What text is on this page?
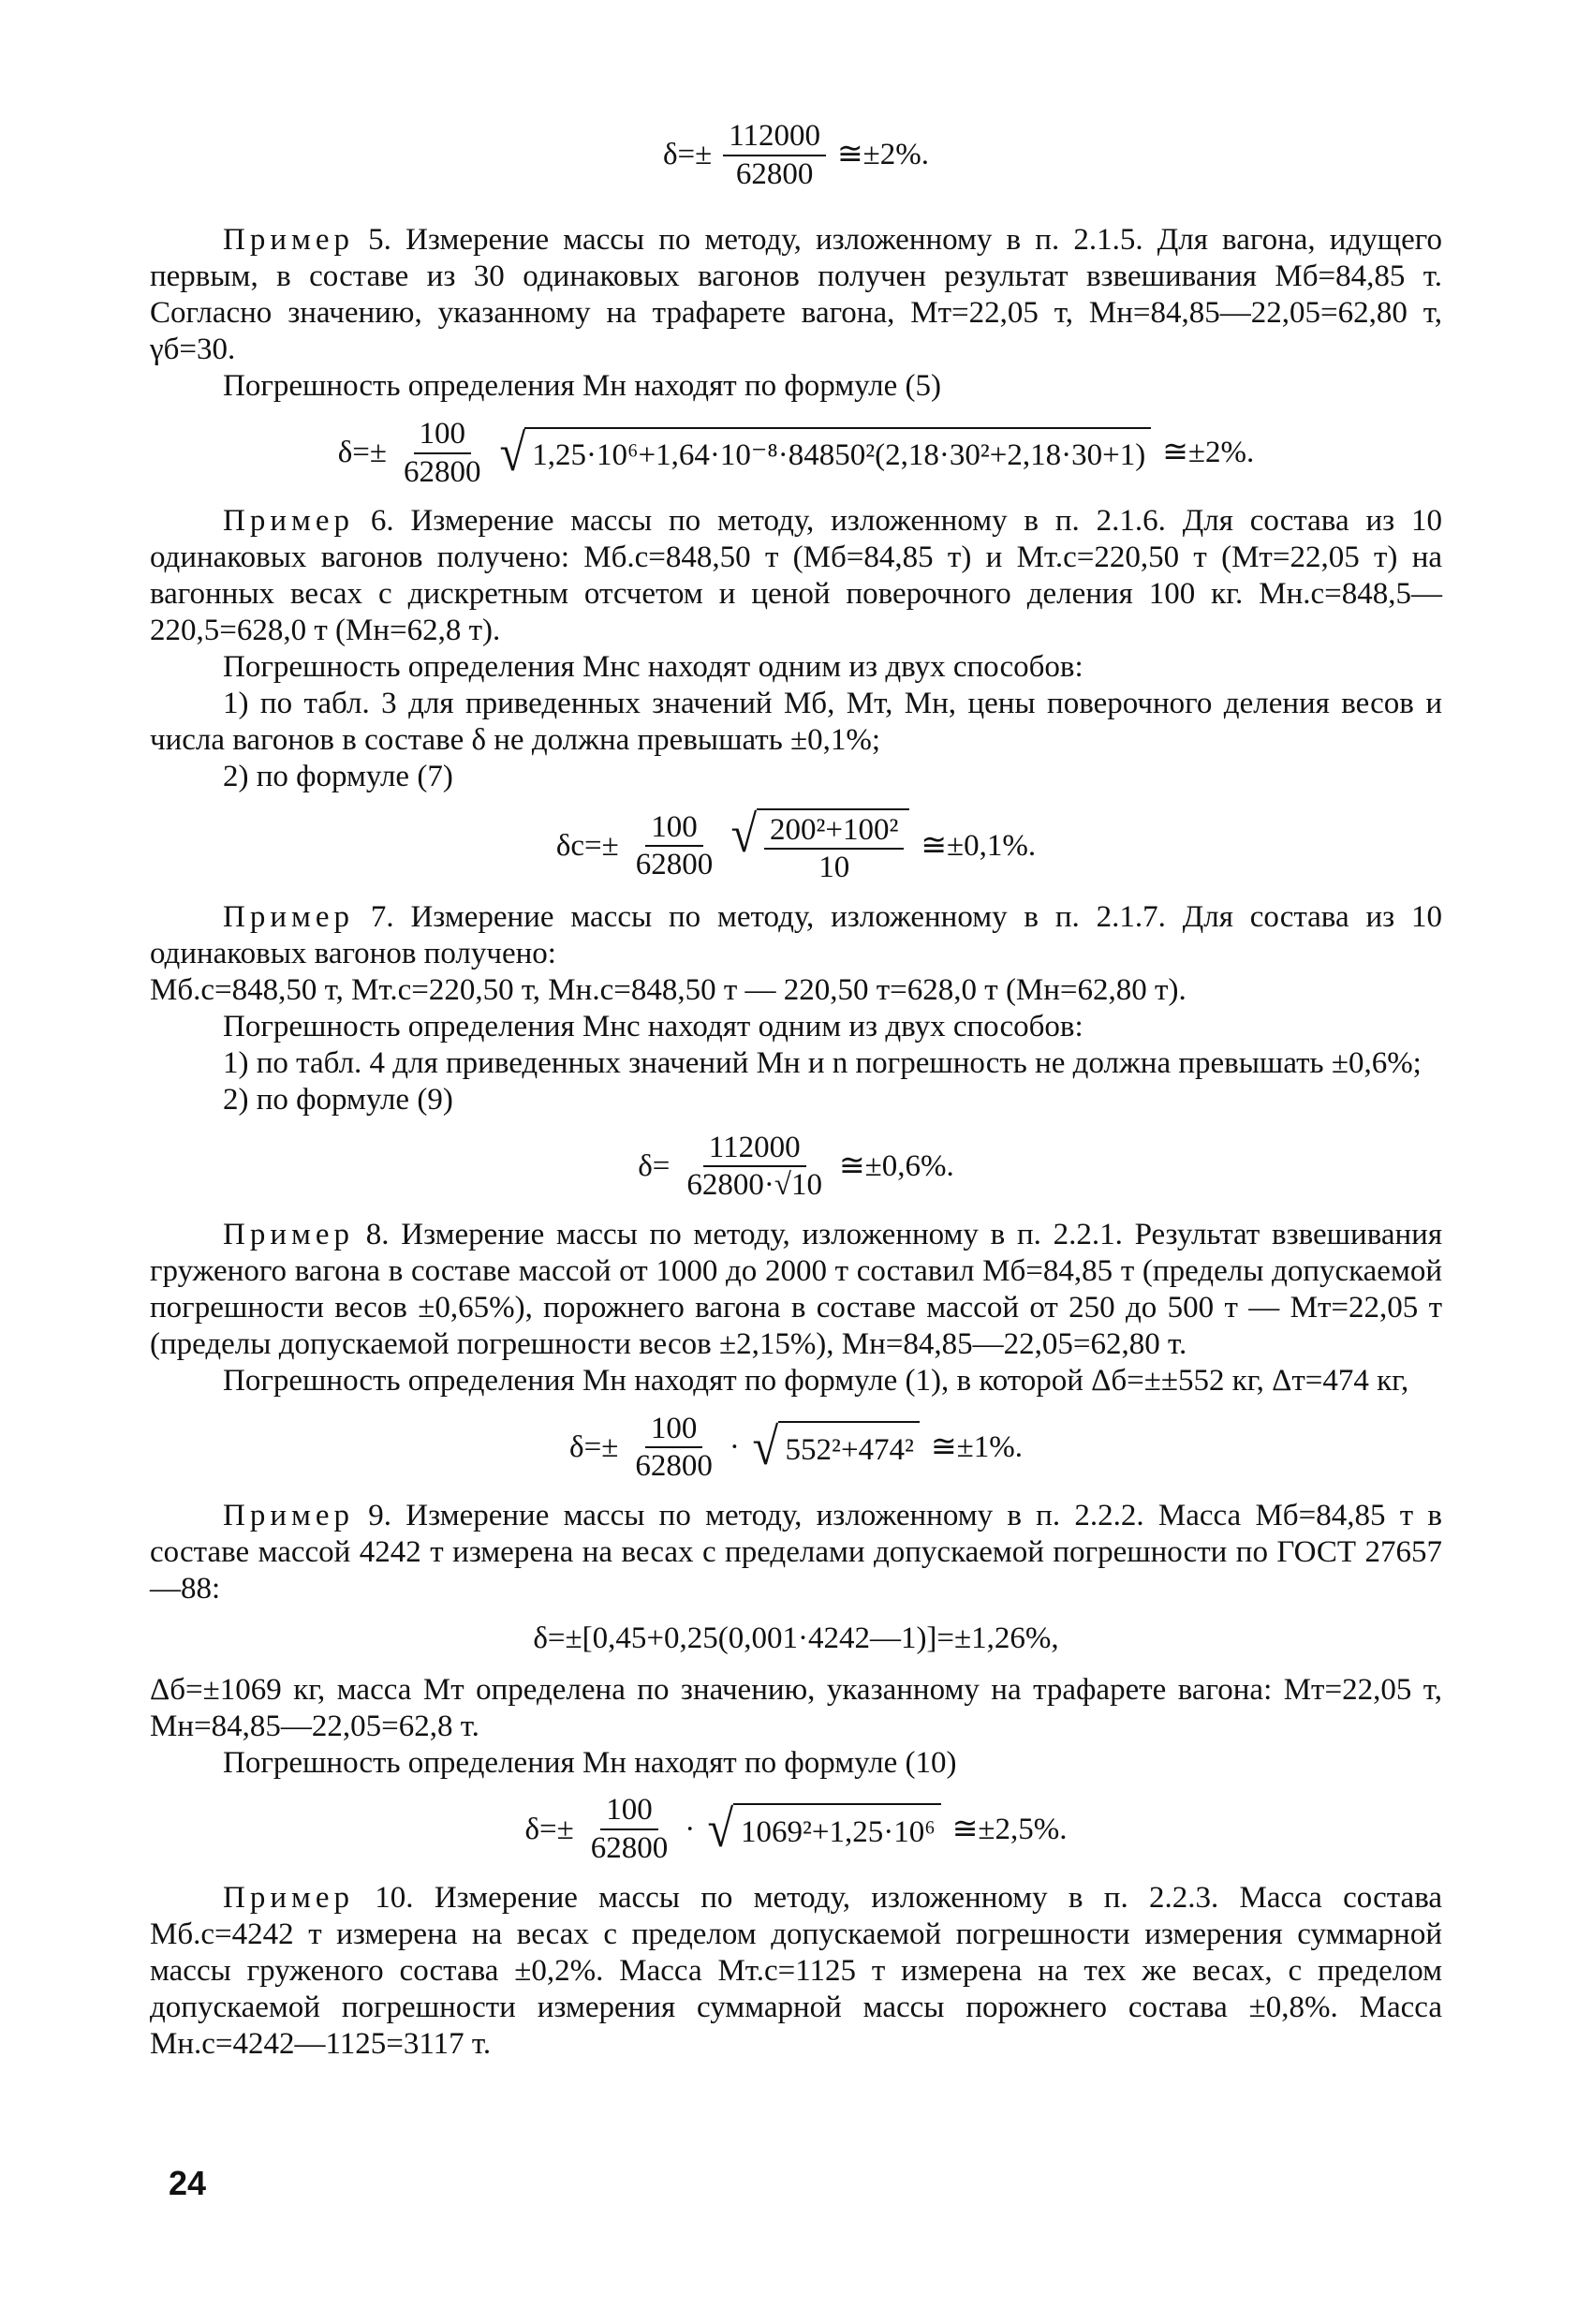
$\delta=\pm \frac{112000}{62800}$ ≅±2%.

Пример 5. Измерение массы по методу, изложенному в п. 2.1.5. Для вагона, идущего первым, в составе из 30 одинаковых вагонов получен результат взвешивания Mб=84,85 т. Согласно значению, указанному на трафарете вагона, Mт=22,05 т, Mн=84,85—22,05=62,80 т, γб=30.

Погрешность определения Mн находят по формуле (5)

$\delta=\pm \frac{100}{62800}$ √ 1,25·10⁶+1,64·10⁻⁸·84850²(2,18·30²+2,18·30+1) ≅±2%.

Пример 6. Измерение массы по методу, изложенному в п. 2.1.6. Для состава из 10 одинаковых вагонов получено: Mб.с=848,50 т (Mб=84,85 т) и Mт.с=220,50 т (Mт=22,05 т) на вагонных весах с дискретным отсчетом и ценой поверочного деления 100 кг. Mн.с=848,5—220,5=628,0 т (Mн=62,8 т).

Погрешность определения Mнс находят одним из двух способов:

1) по табл. 3 для приведенных значений Mб, Mт, Mн, цены поверочного деления весов и числа вагонов в составе δ не должна превышать ±0,1%;

2) по формуле (7)

$\delta с=\pm \frac{100}{62800}$ √ $\frac{\text{200²+100²}}{10}$ ≅±0,1%.

Пример 7. Измерение массы по методу, изложенному в п. 2.1.7. Для состава из 10 одинаковых вагонов получено:

Mб.с=848,50 т, Mт.с=220,50 т, Mн.с=848,50 т — 220,50 т=628,0 т (Mн=62,80 т).

Погрешность определения Mнс находят одним из двух способов:

1) по табл. 4 для приведенных значений Mн и n погрешность не должна превышать ±0,6%;

2) по формуле (9)

$\delta= \frac{112000}{62800\cdot√10}$ ≅±0,6%.

Пример 8. Измерение массы по методу, изложенному в п. 2.2.1. Результат взвешивания груженого вагона в составе массой от 1000 до 2000 т составил Mб=84,85 т (пределы допускаемой погрешности весов ±0,65%), порожнего вагона в составе массой от 250 до 500 т — Mт=22,05 т (пределы допускаемой погрешности весов ±2,15%), Mн=84,85—22,05=62,80 т.

Погрешность определения Mн находят по формуле (1), в которой Δб=±±552 кг, Δт=474 кг,

$\delta=\pm \frac{100}{62800}$ · √ 552²+474² ≅±1%.

Пример 9. Измерение массы по методу, изложенному в п. 2.2.2. Масса Mб=84,85 т в составе массой 4242 т измерена на весах с пределами допускаемой погрешности по ГОСТ 27657—88:

δ=±[0,45+0,25(0,001·4242—1)]=±1,26%,

Δб=±1069 кг, масса Mт определена по значению, указанному на трафарете вагона: Mт=22,05 т, Mн=84,85—22,05=62,8 т.

Погрешность определения Mн находят по формуле (10)

$\delta=\pm \frac{100}{62800}$ · √ 1069²+1,25·10⁶ ≅±2,5%.

Пример 10. Измерение массы по методу, изложенному в п. 2.2.3. Масса состава Mб.с=4242 т измерена на весах с пределом допускаемой погрешности измерения суммарной массы груженого состава ±0,2%. Масса Mт.с=1125 т измерена на тех же весах, с пределом допускаемой погрешности измерения суммарной массы порожнего состава ±0,8%. Масса Mн.с=4242—1125=3117 т.

24
